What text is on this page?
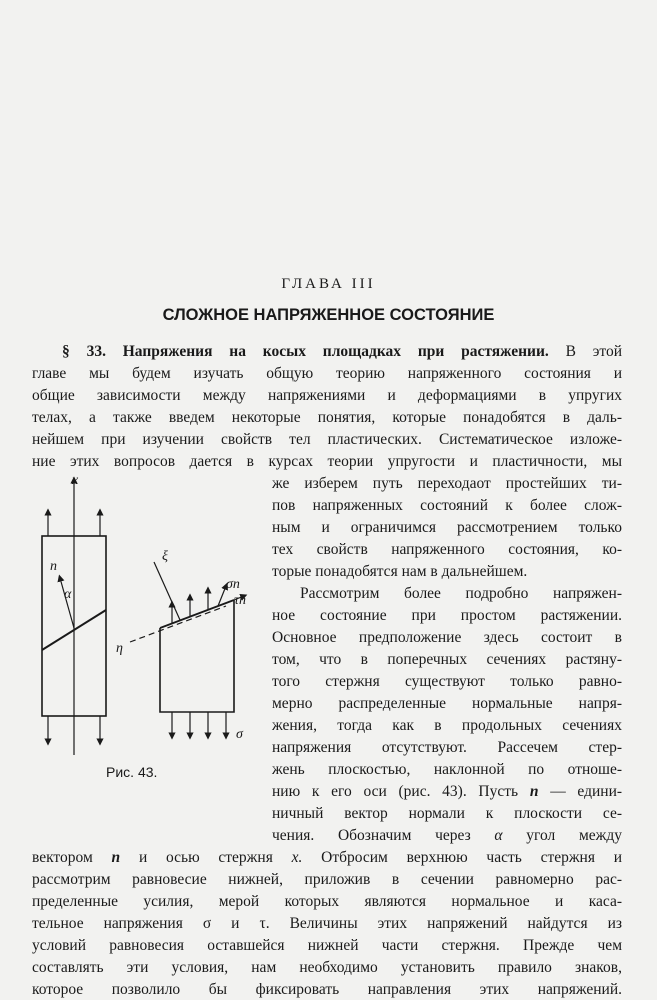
ГЛАВА III
СЛОЖНОЕ НАПРЯЖЕННОЕ СОСТОЯНИЕ
§ 33. Напряжения на косых площадках при растяжении. В этой
главе мы будем изучать общую теорию напряженного состояния и
общие зависимости между напряжениями и деформациями в упругих
телах, а также введем некоторые понятия, которые понадобятся в даль-
нейшем при изучении свойств тел пластических. Систематическое изложе-
ние этих вопросов дается в курсах теории упругости и пластичности, мы
же изберем путь переходаот простейших ти-
пов напряженных состояний к более слож-
ным и ограничимся рассмотрением только
тех свойств напряженного состояния, ко-
торые понадобятся нам в дальнейшем.
Рассмотрим более подробно напряжен-
ное состояние при простом растяжении.
Основное предположение здесь состоит в
том, что в поперечных сечениях растяну-
того стержня существуют только равно-
мерно распределенные нормальные напря-
жения, тогда как в продольных сечениях
напряжения отсутствуют. Рассечем стер-
жень плоскостью, наклонной по отноше-
нию к его оси (рис. 43). Пусть n — едини-
ничный вектор нормали к плоскости се-
чения. Обозначим через α угол между
вектором n и осью стержня x. Отбросим верхнюю часть стержня и
рассмотрим равновесие нижней, приложив в сечении равномерно рас-
пределенные усилия, мерой которых являются нормальное и каса-
тельное напряжения σ и τ. Величины этих напряжений найдутся из
условий равновесия оставшейся нижней части стержня. Прежде чем
составлять эти условия, нам необходимо установить правило знаков,
которое позволило бы фиксировать направления этих напряжений.
x
n
α
η
ξ
σn
τn
σ
Рис. 43.
